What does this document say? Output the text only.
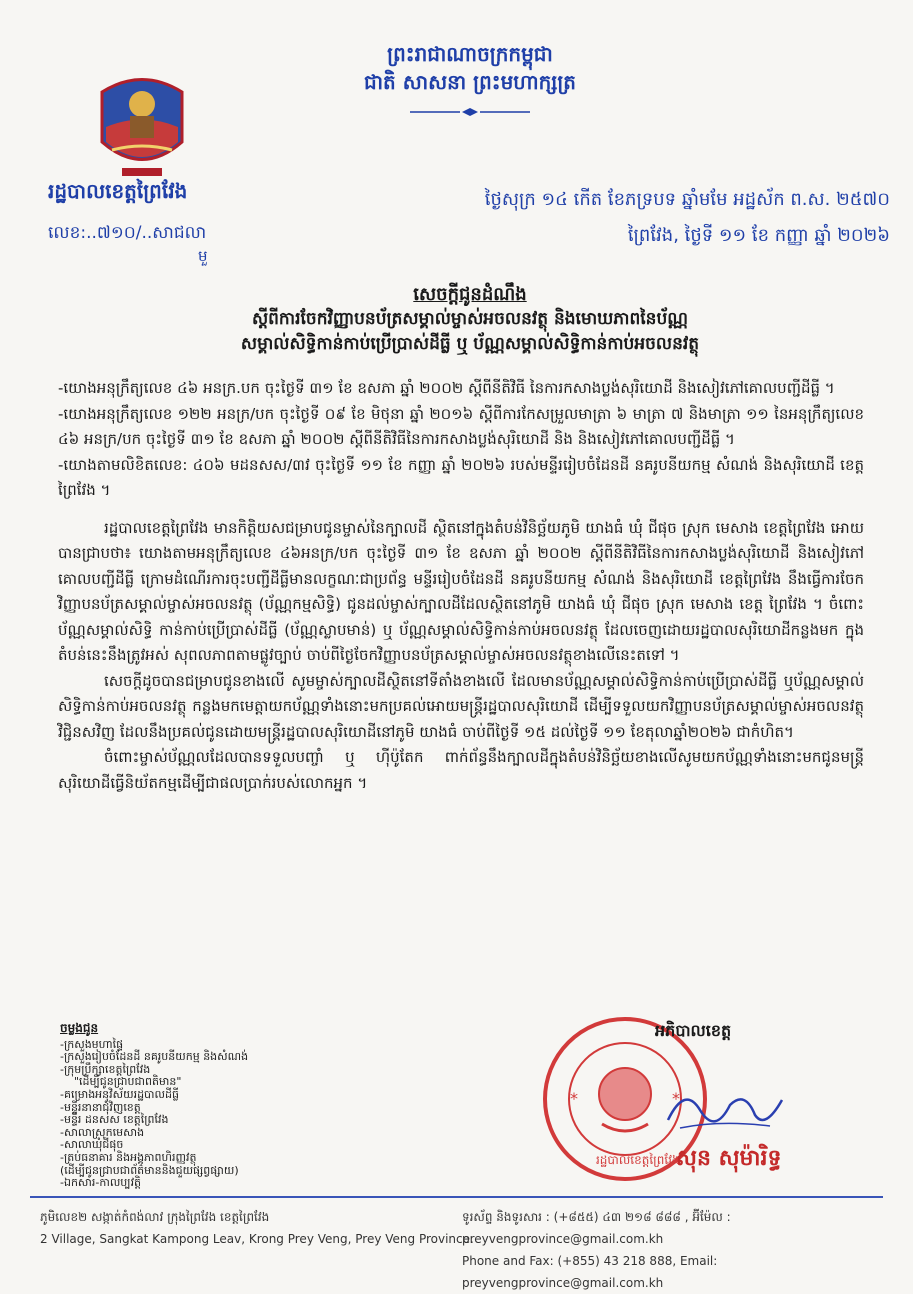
ព្រះរាជាណាចក្រកម្ពុជា
ជាតិ សាសនា ព្រះមហាក្សត្រ
រដ្ឋបាលខេត្តព្រៃវែង
លេខ:..៧១០/..សាជលា
មួ
ថ្ងៃសុក្រ ១៤ កើត ខែភទ្របទ ឆ្នាំមមែ អដ្ឋស័ក ព.ស. ២៥៧០
ព្រៃវែង, ថ្ងៃទី ១១ ខែ កញ្ញា ឆ្នាំ ២០២៦
សេចក្តីជូនដំណឹង
ស្តីពីការចែកវិញ្ញាបនប័ត្រសម្គាល់ម្ចាស់អចលនវត្ថុ និងមោឃភាពនៃប័ណ្ណ
សម្គាល់សិទ្ធិកាន់កាប់ប្រើប្រាស់ដីធ្លី ឬ ប័ណ្ណសម្គាល់សិទ្ធិកាន់កាប់អចលនវត្ថុ

-យោងអនុក្រឹត្យលេខ ៤៦ អនក្រ.បក ចុះថ្ងៃទី ៣១ ខែ ឧសភា ឆ្នាំ ២០០២ ស្តីពីនីតិវិធី នៃការកសាងប្លង់សុរិយោដី និងសៀវភៅគោលបញ្ជីដីធ្លី ។

-យោងអនុក្រឹត្យលេខ ១២២ អនក្រ/បក ចុះថ្ងៃទី ០៩ ខែ មិថុនា ឆ្នាំ ២០១៦ ស្តីពីការកែសម្រួលមាត្រា ៦ មាត្រា ៧ និងមាត្រា ១១ នៃអនុក្រឹត្យលេខ ៤៦ អនក្រ/បក ចុះថ្ងៃទី ៣១ ខែ ឧសភា ឆ្នាំ ២០០២ ស្តីពីនីតិវិធីនៃការកសាងប្លង់សុរិយោដី និង និងសៀវភៅគោលបញ្ជីដីធ្លី ។

-យោងតាមលិខិតលេខ: ៤០៦ មដនសស/៣វ ចុះថ្ងៃទី ១១ ខែ កញ្ញា ឆ្នាំ ២០២៦ របស់មន្ទីររៀបចំដែនដី នគរូបនីយកម្ម សំណង់ និងសុរិយោដី ខេត្តព្រៃវែង ។

រដ្ឋបាលខេត្តព្រៃវែង មានកិត្តិយសជម្រាបជូនម្ចាស់នៃក្បាលដី ស្ថិតនៅក្នុងតំបន់វិនិច្ឆ័យភូមិ យាងធំ ឃុំ ជីផុច ស្រុក មេសាង ខេត្តព្រៃវែង អោយបានជ្រាបថា៖ យោងតាមអនុក្រឹត្យលេខ ៤៦អនក្រ/បក ចុះថ្ងៃទី ៣១ ខែ ឧសភា ឆ្នាំ ២០០២ ស្តីពីនីតិវិធីនៃការកសាងប្លង់សុរិយោដី និងសៀវភៅគោលបញ្ជីដីធ្លី ក្រោមដំណើរការចុះបញ្ជីដីធ្លីមានលក្ខណៈជាប្រព័ន្ធ មន្ទីររៀបចំដែនដី នគរូបនីយកម្ម សំណង់ និងសុរិយោដី ខេត្តព្រៃវែង នឹងធ្វើការចែកវិញ្ញាបនប័ត្រសម្គាល់ម្ចាស់អចលនវត្ថុ (ប័ណ្ណកម្មសិទ្ធិ) ជូនដល់ម្ចាស់ក្បាលដីដែលស្ថិតនៅភូមិ យាងធំ ឃុំ ជីផុច ស្រុក មេសាង ខេត្ត ព្រៃវែង ។ ចំពោះប័ណ្ណសម្គាល់សិទ្ធិ កាន់កាប់ប្រើប្រាស់ដីធ្លី (ប័ណ្ណស្លាបមាន់) ឬ ប័ណ្ណសម្គាល់សិទ្ធិកាន់កាប់អចលនវត្ថុ ដែលចេញដោយរដ្ឋបាលសុរិយោដីកន្លងមក ក្នុងតំបន់នេះនឹងត្រូវអស់ សុពលភាពតាមផ្លូវច្បាប់ ចាប់ពីថ្ងៃចែកវិញ្ញាបនប័ត្រសម្គាល់ម្ចាស់អចលនវត្ថុខាងលើនេះតទៅ ។

សេចក្តីដូចបានជម្រាបជូនខាងលើ សូមម្ចាស់ក្បាលដីស្ថិតនៅទីតាំងខាងលើ ដែលមានប័ណ្ណសម្គាល់សិទ្ធិកាន់កាប់ប្រើប្រាស់ដីធ្លី ឬប័ណ្ណសម្គាល់សិទ្ធិកាន់កាប់អចលនវត្ថុ កន្លងមកមេត្តាយកប័ណ្ណទាំងនោះមកប្រគល់អោយមន្ត្រីរដ្ឋបាលសុរិយោដី ដើម្បីទទួលយកវិញ្ញាបនប័ត្រសម្គាល់ម្ចាស់អចលនវត្ថុវិជ្ជិនសវិញ ដែលនឹងប្រគល់ជូនដោយមន្ត្រីរដ្ឋបាលសុរិយោដីនៅភូមិ យាងធំ ចាប់ពីថ្ងៃទី ១៥ ដល់ថ្ងៃទី ១១ ខែតុលាឆ្នាំ២០២៦ ជាកំហិត។

ចំពោះម្ចាស់ប័ណ្ណលដែលបានទទួលបញ្ចាំ ឬ ហ៊ីប៉ូតែក ពាក់ព័ន្ធនឹងក្បាលដីក្នុងតំបន់វិនិច្ឆ័យខាងលើសូមយកប័ណ្ណទាំងនោះមកជូនមន្ត្រីសុរិយោដីធ្វើនិយ័តកម្មដើម្បីជាផលប្រាក់របស់លោកអ្នក ។

ចម្លងជូន
-ក្រសួងមហាផ្ទៃ
-ក្រសួងរៀបចំដែនដី នគរូបនីយកម្ម និងសំណង់
-ក្រុមប្រឹក្សាខេត្តព្រៃវែង
"ដើម្បីជូនជ្រាបជាពតិមាន"
-គម្រោងអនុវិស័យរដ្ឋបាលដីធ្លី
-មន្ទីរនានាជុំវិញខេត្ត
-មន្ទីរ ដនសស ខេត្តព្រៃវែង
-សាលាស្រុកមេសាង
-សាលាឃុំជីផុច
-ត្រប់ធនាគារ និងអង្គភាពហិរញ្ញវត្ថុ
(ដើម្បីជូនជ្រាបជាព័ត៌មាននិងជួយផ្សព្វផ្សាយ)
-ឯកសារ-កាលប្បវត្តិ
*	*
រដ្ឋបាលខេត្តព្រៃវែង
អភិបាលខេត្ត
សុន សុម៉ារិទ្ធ
ភូមិលេខ២ សង្កាត់កំពង់លាវ ក្រុងព្រៃវែង ខេត្តព្រៃវែង
2 Village, Sangkat Kampong Leav, Krong Prey Veng, Prey Veng Province.
ទូរស័ព្ទ និងទូរសារ : (+៨៥៥) ៤៣ ២១៨ ៨៨៨ , អ៊ីម៉ែល : preyvengprovince@gmail.com.kh
Phone and Fax: (+855) 43 218 888, Email: preyvengprovince@gmail.com.kh
